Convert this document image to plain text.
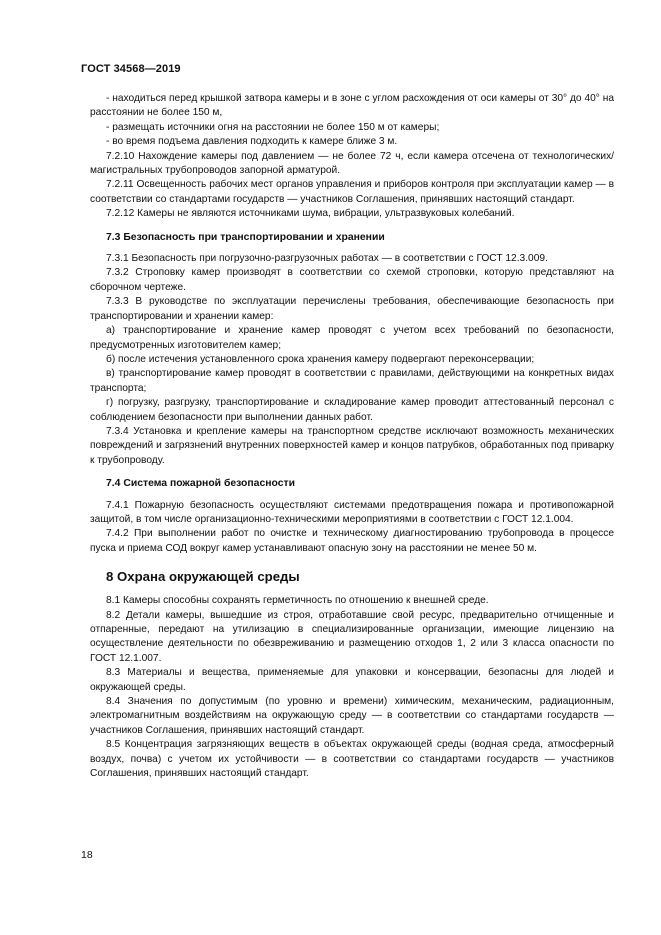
ГОСТ 34568—2019

- находиться перед крышкой затвора камеры и в зоне с углом расхождения от оси камеры от 30° до 40° на расстоянии не более 150 м,

- размещать источники огня на расстоянии не более 150 м от камеры;

- во время подъема давления подходить к камере ближе 3 м.

7.2.10 Нахождение камеры под давлением — не более 72 ч, если камера отсечена от технологических/магистральных трубопроводов запорной арматурой.

7.2.11 Освещенность рабочих мест органов управления и приборов контроля при эксплуатации камер — в соответствии со стандартами государств — участников Соглашения, принявших настоящий стандарт.

7.2.12 Камеры не являются источниками шума, вибрации, ультразвуковых колебаний.

7.3 Безопасность при транспортировании и хранении

7.3.1 Безопасность при погрузочно-разгрузочных работах — в соответствии с ГОСТ 12.3.009.

7.3.2 Строповку камер производят в соответствии со схемой строповки, которую представляют на сборочном чертеже.

7.3.3 В руководстве по эксплуатации перечислены требования, обеспечивающие безопасность при транспортировании и хранении камер:

а) транспортирование и хранение камер проводят с учетом всех требований по безопасности, предусмотренных изготовителем камер;

б) после истечения установленного срока хранения камеру подвергают переконсервации;

в) транспортирование камер проводят в соответствии с правилами, действующими на конкретных видах транспорта;

г) погрузку, разгрузку, транспортирование и складирование камер проводит аттестованный персонал с соблюдением безопасности при выполнении данных работ.

7.3.4 Установка и крепление камеры на транспортном средстве исключают возможность механических повреждений и загрязнений внутренних поверхностей камер и концов патрубков, обработанных под приварку к трубопроводу.

7.4 Система пожарной безопасности

7.4.1 Пожарную безопасность осуществляют системами предотвращения пожара и противопожарной защитой, в том числе организационно-техническими мероприятиями в соответствии с ГОСТ 12.1.004.

7.4.2 При выполнении работ по очистке и техническому диагностированию трубопровода в процессе пуска и приема СОД вокруг камер устанавливают опасную зону на расстоянии не менее 50 м.

8 Охрана окружающей среды

8.1 Камеры способны сохранять герметичность по отношению к внешней среде.

8.2 Детали камеры, вышедшие из строя, отработавшие свой ресурс, предварительно отчищенные и отпаренные, передают на утилизацию в специализированные организации, имеющие лицензию на осуществление деятельности по обезвреживанию и размещению отходов 1, 2 или 3 класса опасности по ГОСТ 12.1.007.

8.3 Материалы и вещества, применяемые для упаковки и консервации, безопасны для людей и окружающей среды.

8.4 Значения по допустимым (по уровню и времени) химическим, механическим, радиационным, электромагнитным воздействиям на окружающую среду — в соответствии со стандартами государств — участников Соглашения, принявших настоящий стандарт.

8.5 Концентрация загрязняющих веществ в объектах окружающей среды (водная среда, атмосферный воздух, почва) с учетом их устойчивости — в соответствии со стандартами государств — участников Соглашения, принявших настоящий стандарт.

18
